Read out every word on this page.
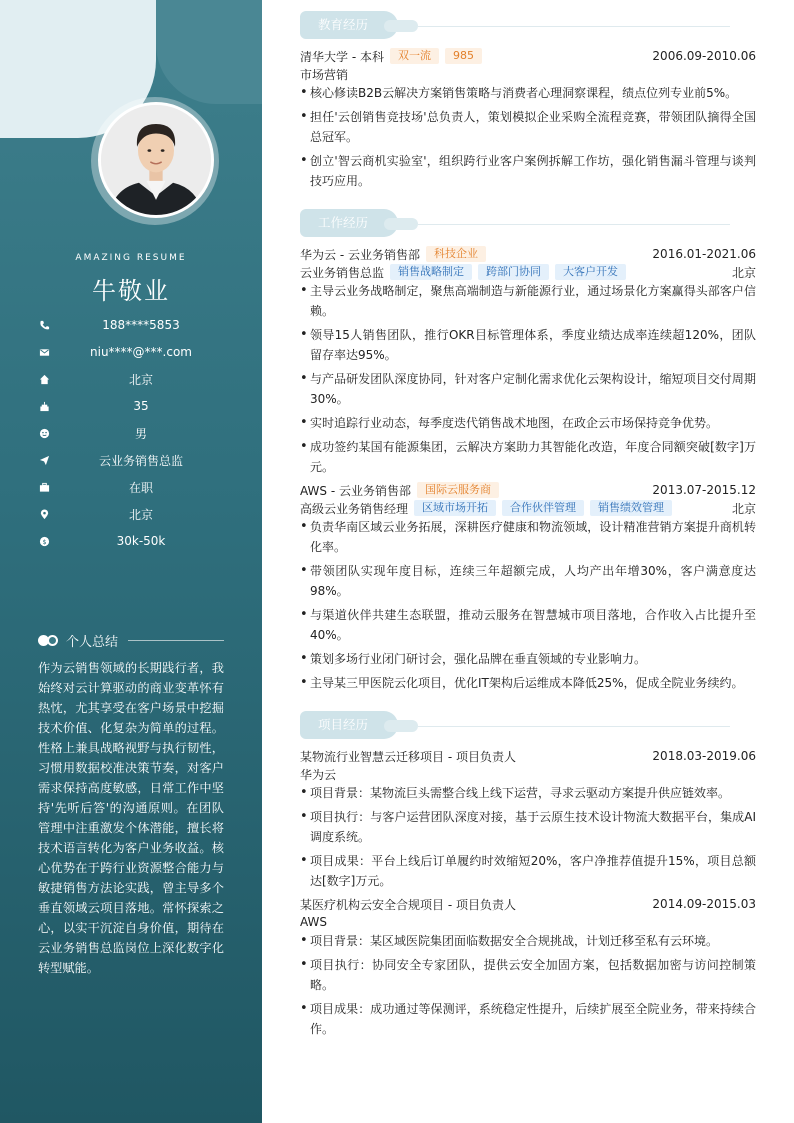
AMAZING RESUME
牛敬业
188****5853
niu****@***.com
北京
35
男
云业务销售总监
在职
北京
$	30k-50k
个人总结
作为云销售领域的长期践行者，我始终对云计算驱动的商业变革怀有热忱，尤其享受在客户场景中挖掘技术价值、化复杂为简单的过程。性格上兼具战略视野与执行韧性，习惯用数据校准决策节奏，对客户需求保持高度敏感，日常工作中坚持'先听后答'的沟通原则。在团队管理中注重激发个体潜能，擅长将技术语言转化为客户业务收益。核心优势在于跨行业资源整合能力与敏捷销售方法论实践，曾主导多个垂直领域云项目落地。常怀探索之心，以实干沉淀自身价值，期待在云业务销售总监岗位上深化数字化转型赋能。
教育经历
清华大学 - 本科	双一流	985	2006.09-2010.06
市场营销
• 核心修读B2B云解决方案销售策略与消费者心理洞察课程，绩点位列专业前5%。
• 担任'云创销售竞技场'总负责人，策划模拟企业采购全流程竞赛，带领团队摘得全国总冠军。
• 创立'智云商机实验室'，组织跨行业客户案例拆解工作坊，强化销售漏斗管理与谈判技巧应用。
工作经历
华为云 - 云业务销售部	科技企业	2016.01-2021.06
云业务销售总监	销售战略制定	跨部门协同	大客户开发	北京
• 主导云业务战略制定，聚焦高端制造与新能源行业，通过场景化方案赢得头部客户信赖。
• 领导15人销售团队，推行OKR目标管理体系，季度业绩达成率连续超120%，团队留存率达95%。
• 与产品研发团队深度协同，针对客户定制化需求优化云架构设计，缩短项目交付周期30%。
• 实时追踪行业动态，每季度迭代销售战术地图，在政企云市场保持竞争优势。
• 成功签约某国有能源集团，云解决方案助力其智能化改造，年度合同额突破[数字]万元。
AWS - 云业务销售部	国际云服务商	2013.07-2015.12
高级云业务销售经理	区域市场开拓	合作伙伴管理	销售绩效管理	北京
• 负责华南区域云业务拓展，深耕医疗健康和物流领域，设计精准营销方案提升商机转化率。
• 带领团队实现年度目标，连续三年超额完成，人均产出年增30%，客户满意度达98%。
• 与渠道伙伴共建生态联盟，推动云服务在智慧城市项目落地，合作收入占比提升至40%。
• 策划多场行业闭门研讨会，强化品牌在垂直领域的专业影响力。
• 主导某三甲医院云化项目，优化IT架构后运维成本降低25%，促成全院业务续约。
项目经历
某物流行业智慧云迁移项目 - 项目负责人	2018.03-2019.06
华为云
• 项目背景：某物流巨头需整合线上线下运营，寻求云驱动方案提升供应链效率。
• 项目执行：与客户运营团队深度对接，基于云原生技术设计物流大数据平台，集成AI调度系统。
• 项目成果：平台上线后订单履约时效缩短20%，客户净推荐值提升15%，项目总额达[数字]万元。
某医疗机构云安全合规项目 - 项目负责人	2014.09-2015.03
AWS
• 项目背景：某区域医院集团面临数据安全合规挑战，计划迁移至私有云环境。
• 项目执行：协同安全专家团队，提供云安全加固方案，包括数据加密与访问控制策略。
• 项目成果：成功通过等保测评，系统稳定性提升，后续扩展至全院业务，带来持续合作。
